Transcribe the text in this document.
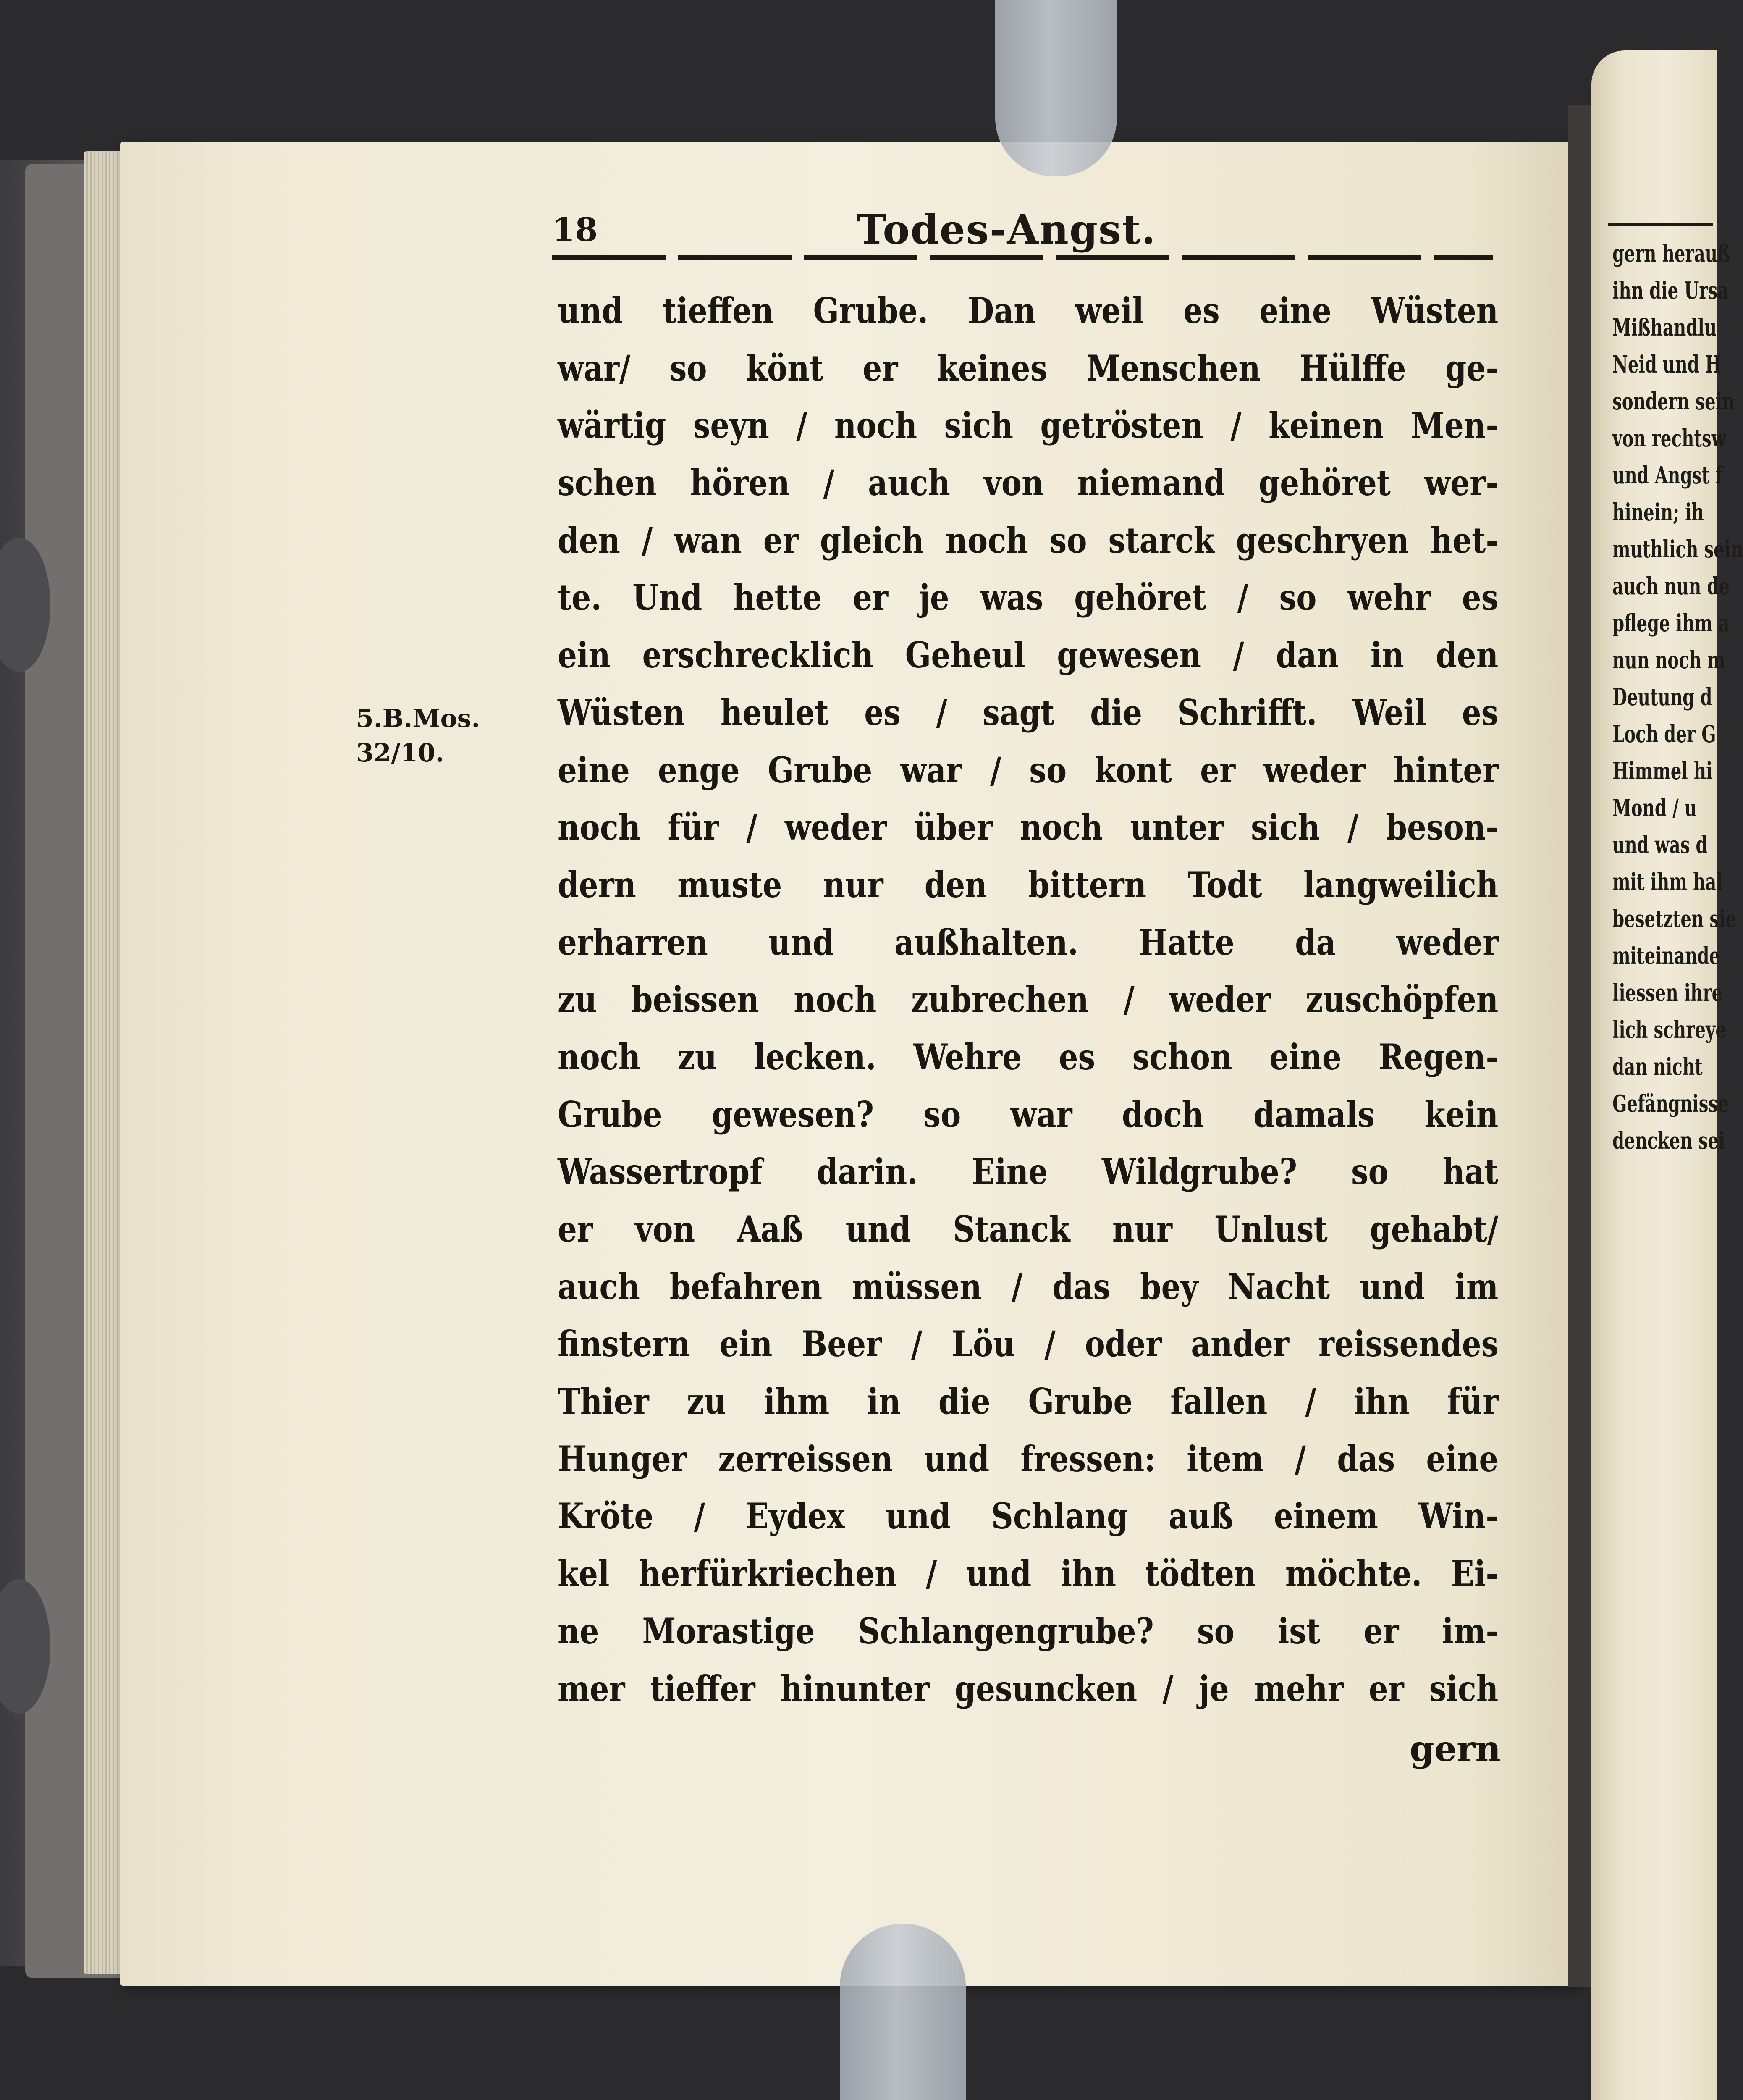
gern herauß
ihn die Ursa
Mißhandlu
Neid und H
sondern sein
von rechtsw
und Angst f
hinein; ih
muthlich sein
auch nun de
pflege ihm a
nun noch m
Deutung d
Loch der G
Himmel hi
Mond / u
und was d
mit ihm hal
besetzten sie
miteinande
liessen ihre
lich schreye
dan nicht
Gefängnisse
dencken sei
18	Todes-Angst.
5.B.Mos.
32/10.
und tieffen Grube. Dan weil es eine Wüsten
war/ so könt er keines Menschen Hülffe ge-
wärtig seyn / noch sich getrösten / keinen Men-
schen hören / auch von niemand gehöret wer-
den / wan er gleich noch so starck geschryen het-
te. Und hette er je was gehöret / so wehr es
ein erschrecklich Geheul gewesen / dan in den
Wüsten heulet es / sagt die Schrifft. Weil es
eine enge Grube war / so kont er weder hinter
noch für / weder über noch unter sich / beson-
dern muste nur den bittern Todt langweilich
erharren und außhalten. Hatte da weder
zu beissen noch zubrechen / weder zuschöpfen
noch zu lecken. Wehre es schon eine Regen-
Grube gewesen? so war doch damals kein
Wassertropf darin. Eine Wildgrube? so hat
er von Aaß und Stanck nur Unlust gehabt/
auch befahren müssen / das bey Nacht und im
finstern ein Beer / Löu / oder ander reissendes
Thier zu ihm in die Grube fallen / ihn für
Hunger zerreissen und fressen: item / das eine
Kröte / Eydex und Schlang auß einem Win-
kel herfürkriechen / und ihn tödten möchte. Ei-
ne Morastige Schlangengrube? so ist er im-
mer tieffer hinunter gesuncken / je mehr er sich
gern
